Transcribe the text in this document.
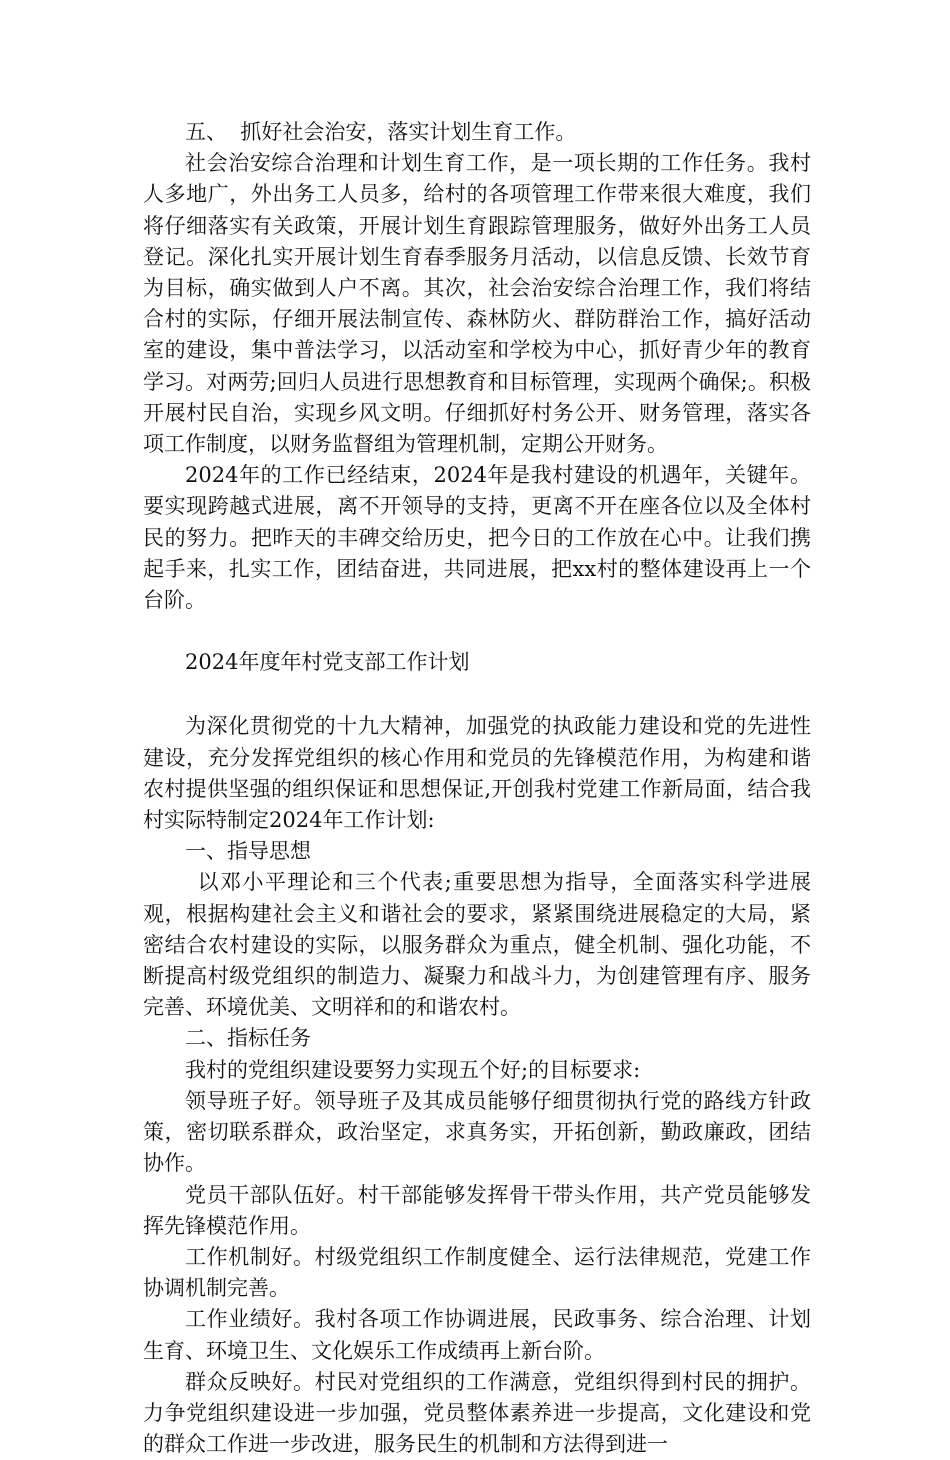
五、  抓好社会治安，落实计划生育工作。

社会治安综合治理和计划生育工作，是一项长期的工作任务。我村人多地广，外出务工人员多，给村的各项管理工作带来很大难度，我们将仔细落实有关政策，开展计划生育跟踪管理服务，做好外出务工人员登记。深化扎实开展计划生育春季服务月活动，以信息反馈、长效节育为目标，确实做到人户不离。其次，社会治安综合治理工作，我们将结合村的实际，仔细开展法制宣传、森林防火、群防群治工作，搞好活动室的建设，集中普法学习，以活动室和学校为中心，抓好青少年的教育学习。对两劳;回归人员进行思想教育和目标管理，实现两个确保;。积极开展村民自治，实现乡风文明。仔细抓好村务公开、财务管理，落实各项工作制度，以财务监督组为管理机制，定期公开财务。

2024年的工作已经结束，2024年是我村建设的机遇年，关键年。要实现跨越式进展，离不开领导的支持，更离不开在座各位以及全体村民的努力。把昨天的丰碑交给历史，把今日的工作放在心中。让我们携起手来，扎实工作，团结奋进，共同进展，把xx村的整体建设再上一个台阶。

2024年度年村党支部工作计划

为深化贯彻党的十九大精神，加强党的执政能力建设和党的先进性建设，充分发挥党组织的核心作用和党员的先锋模范作用，为构建和谐农村提供坚强的组织保证和思想保证,开创我村党建工作新局面，结合我村实际特制定2024年工作计划:

一、指导思想

以邓小平理论和三个代表;重要思想为指导，全面落实科学进展观，根据构建社会主义和谐社会的要求，紧紧围绕进展稳定的大局，紧密结合农村建设的实际，以服务群众为重点，健全机制、强化功能，不断提高村级党组织的制造力、凝聚力和战斗力，为创建管理有序、服务完善、环境优美、文明祥和的和谐农村。

二、指标任务

我村的党组织建设要努力实现五个好;的目标要求:

领导班子好。领导班子及其成员能够仔细贯彻执行党的路线方针政策，密切联系群众，政治坚定，求真务实，开拓创新，勤政廉政，团结协作。

党员干部队伍好。村干部能够发挥骨干带头作用，共产党员能够发挥先锋模范作用。

工作机制好。村级党组织工作制度健全、运行法律规范，党建工作协调机制完善。

工作业绩好。我村各项工作协调进展，民政事务、综合治理、计划生育、环境卫生、文化娱乐工作成绩再上新台阶。

群众反映好。村民对党组织的工作满意，党组织得到村民的拥护。力争党组织建设进一步加强，党员整体素养进一步提高，文化建设和党的群众工作进一步改进，服务民生的机制和方法得到进一
